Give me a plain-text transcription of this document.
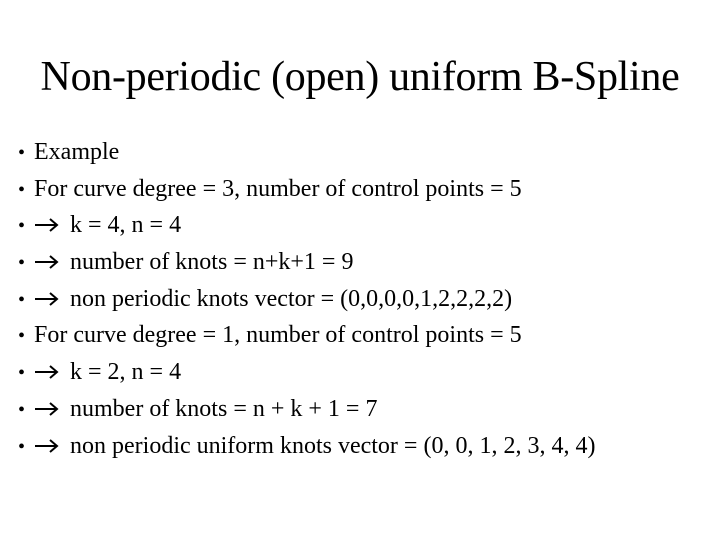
Non-periodic (open) uniform B-Spline
• Example
• For curve degree = 3, number of control points = 5
•	k = 4, n = 4
•	number of knots = n+k+1 = 9
•	non periodic knots vector = (0,0,0,0,1,2,2,2,2)
• For curve degree = 1, number of control points = 5
•	k = 2, n = 4
•	number of knots = n + k + 1 = 7
•	non periodic uniform knots vector = (0, 0, 1, 2, 3, 4, 4)
